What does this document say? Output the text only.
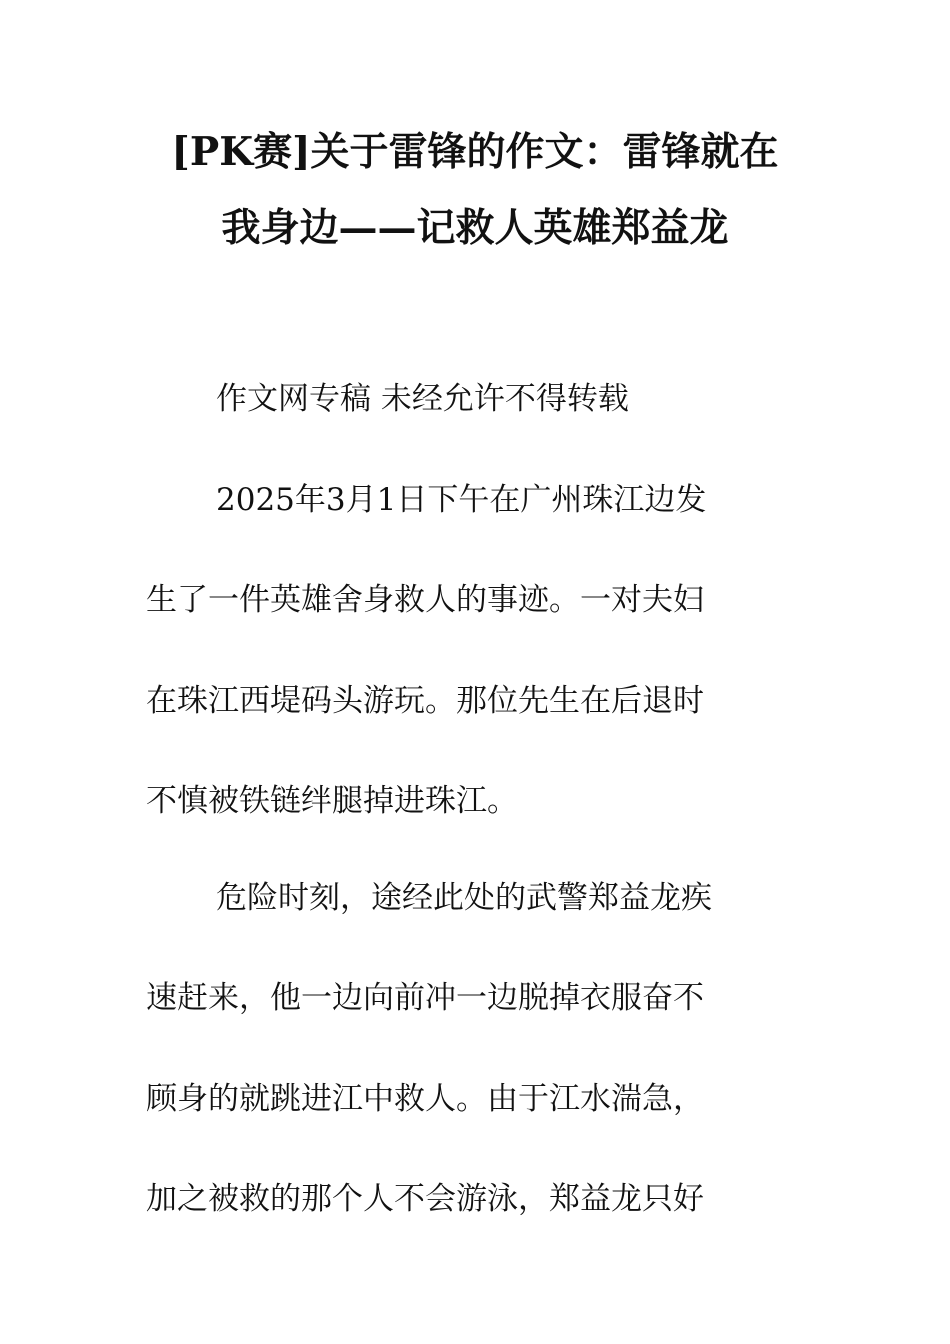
[PK赛]关于雷锋的作文：雷锋就在
我身边——记救人英雄郑益龙
作文网专稿 未经允许不得转载
2025年3月1日下午在广州珠江边发
生了一件英雄舍身救人的事迹。一对夫妇
在珠江西堤码头游玩。那位先生在后退时
不慎被铁链绊腿掉进珠江。
危险时刻，途经此处的武警郑益龙疾
速赶来，他一边向前冲一边脱掉衣服奋不
顾身的就跳进江中救人。由于江水湍急，
加之被救的那个人不会游泳，郑益龙只好
